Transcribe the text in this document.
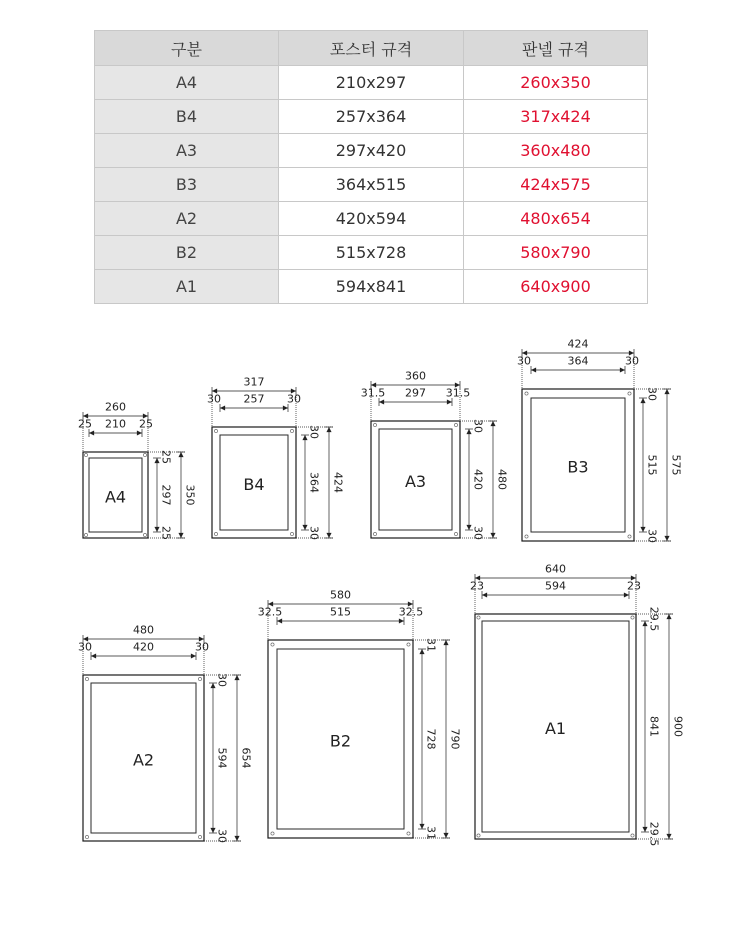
구분	포스터 규격	판넬 규격
A4	210x297	260x350
B4	257x364	317x424
A3	297x420	360x480
B3	364x515	424x575
A2	420x594	480x654
B2	515x728	580x790
A1	594x841	640x900
A4
260
210
25	25
297 350
25
25
B4
317
257
30	30
364 424
30
30
A3
360
297
31.5	31.5
420 480
30
30
B3
424
364
30	30
515 575
30
30
A2
480
420
30	30
594 654
30
30
B2
580
515
32.5	32.5
728 790
31
31
A1
640
594
23	23
841 900
29.5
29.5
